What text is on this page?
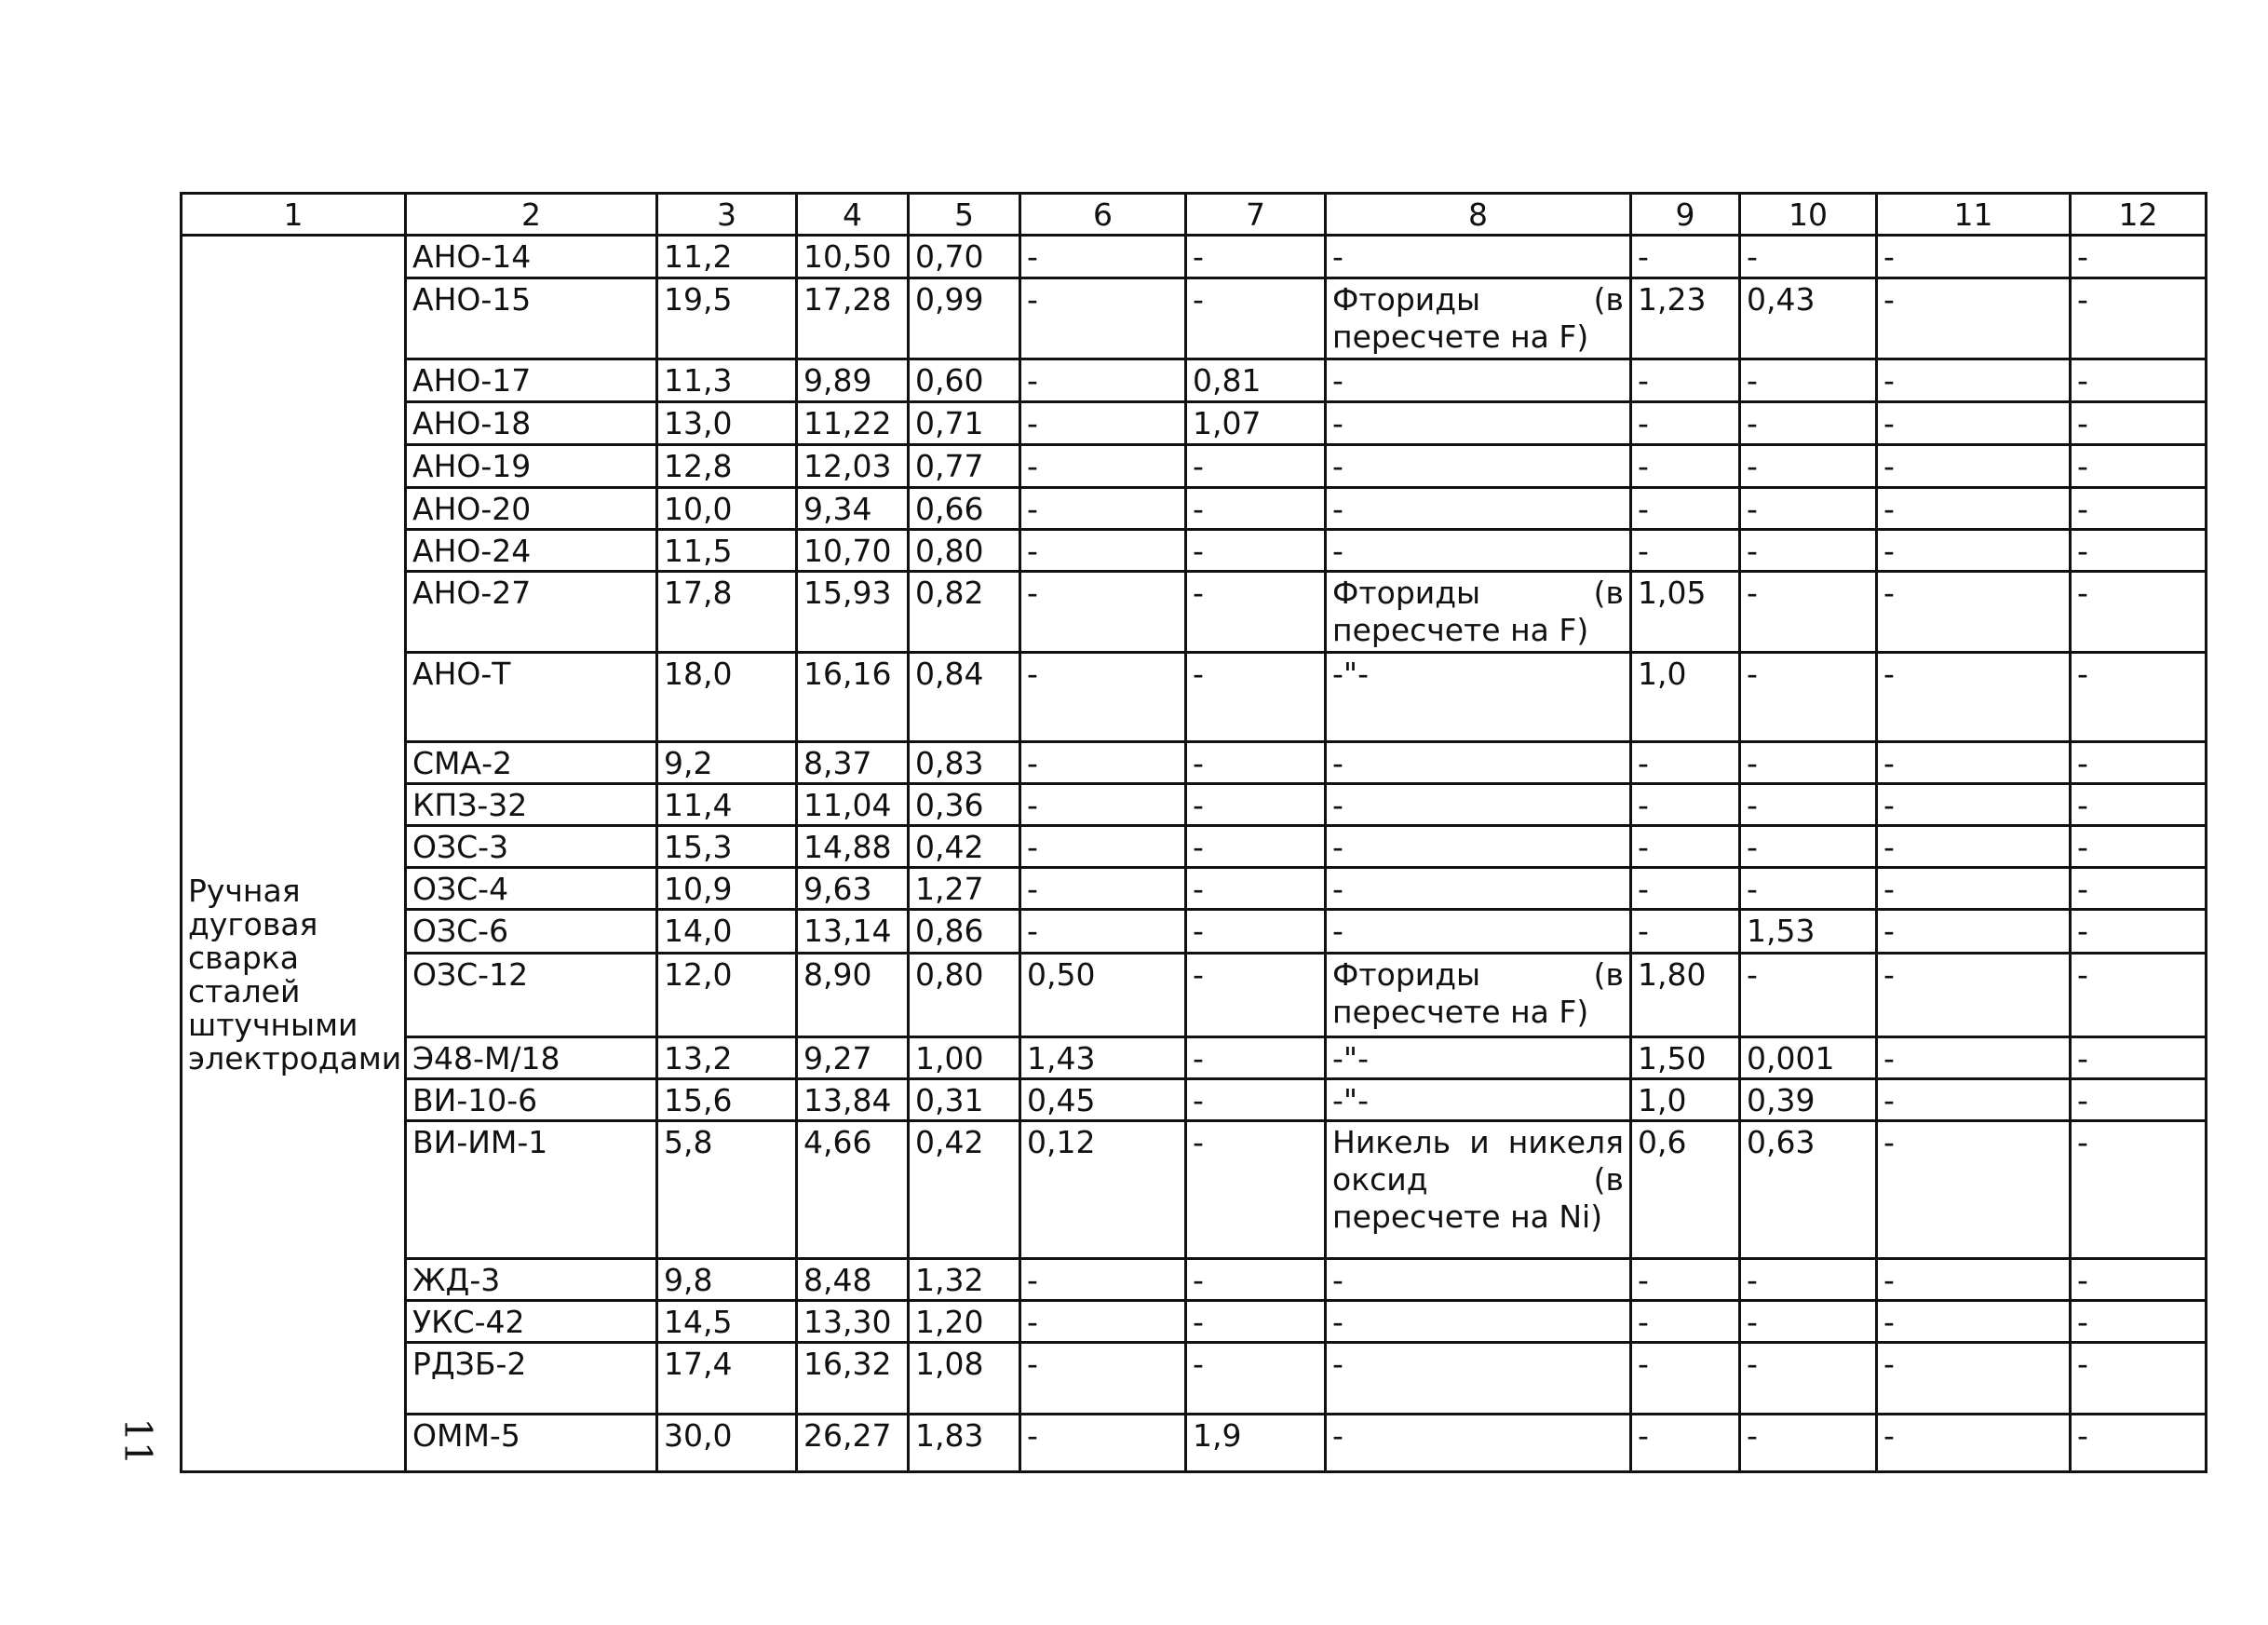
1	2	3	4	5	6	7	8	9	10	11	12
Ручная дуговая сварка сталей штучными электродами	АНО-14	11,2	10,50	0,70	-	-	-	-	-	-	-
	АНО-15	19,5	17,28	0,99	-	-	Фториды (в пересчете на F)	1,23	0,43	-	-
	АНО-17	11,3	9,89	0,60	-	0,81	-	-	-	-	-
	АНО-18	13,0	11,22	0,71	-	1,07	-	-	-	-	-
	АНО-19	12,8	12,03	0,77	-	-	-	-	-	-	-
	АНО-20	10,0	9,34	0,66	-	-	-	-	-	-	-
	АНО-24	11,5	10,70	0,80	-	-	-	-	-	-	-
	АНО-27	17,8	15,93	0,82	-	-	Фториды (в пересчете на F)	1,05	-	-	-
	АНО-Т	18,0	16,16	0,84	-	-	-"-	1,0	-	-	-
	СМА-2	9,2	8,37	0,83	-	-	-	-	-	-	-
	КПЗ-32	11,4	11,04	0,36	-	-	-	-	-	-	-
	ОЗС-3	15,3	14,88	0,42	-	-	-	-	-	-	-
	ОЗС-4	10,9	9,63	1,27	-	-	-	-	-	-	-
	ОЗС-6	14,0	13,14	0,86	-	-	-	-	1,53	-	-
	ОЗС-12	12,0	8,90	0,80	0,50	-	Фториды (в пересчете на F)	1,80	-	-	-
	Э48-М/18	13,2	9,27	1,00	1,43	-	-"-	1,50	0,001	-	-
	ВИ-10-6	15,6	13,84	0,31	0,45	-	-"-	1,0	0,39	-	-
	ВИ-ИМ-1	5,8	4,66	0,42	0,12	-	Никель и никеля оксид (в пересчете на Ni)	0,6	0,63	-	-
	ЖД-3	9,8	8,48	1,32	-	-	-	-	-	-	-
	УКС-42	14,5	13,30	1,20	-	-	-	-	-	-	-
	РДЗБ-2	17,4	16,32	1,08	-	-	-	-	-	-	-
	ОММ-5	30,0	26,27	1,83	-	1,9	-	-	-	-	-
11
